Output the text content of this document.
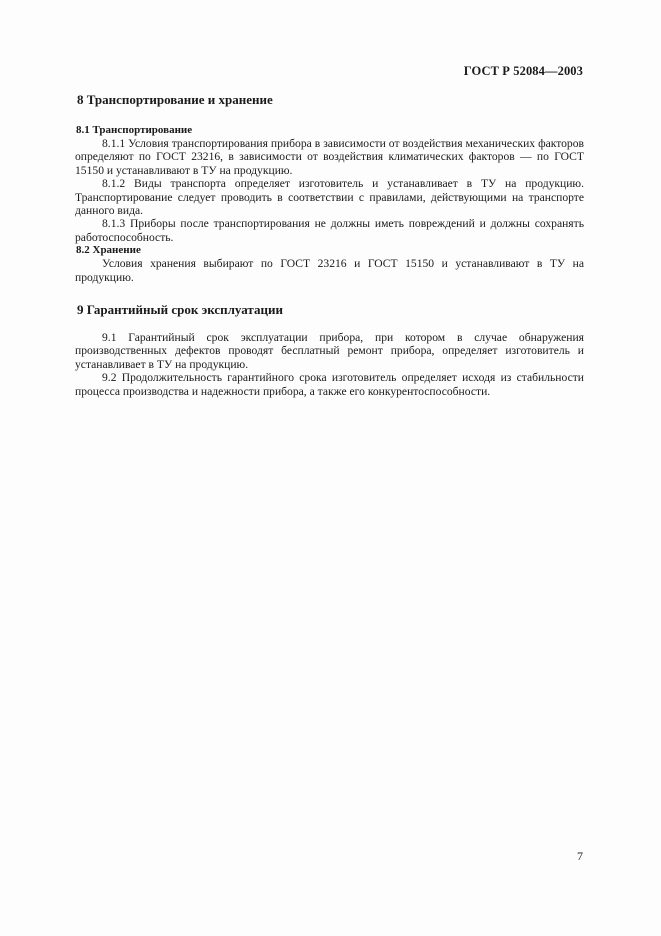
ГОСТ Р 52084—2003
8 Транспортирование и хранение
8.1 Транспортирование

8.1.1 Условия транспортирования прибора в зависимости от воздействия механических факторов определяют по ГОСТ 23216, в зависимости от воздействия климатических факторов — по ГОСТ 15150 и устанавливают в ТУ на продукцию.

8.1.2 Виды транспорта определяет изготовитель и устанавливает в ТУ на продукцию. Транспортирование следует проводить в соответствии с правилами, действующими на транспорте данного вида.

8.1.3 Приборы после транспортирования не должны иметь повреждений и должны сохранять работоспособность.

8.2 Хранение

Условия хранения выбирают по ГОСТ 23216 и ГОСТ 15150 и устанавливают в ТУ на продукцию.

9 Гарантийный срок эксплуатации

9.1 Гарантийный срок эксплуатации прибора, при котором в случае обнаружения производственных дефектов проводят бесплатный ремонт прибора, определяет изготовитель и устанавливает в ТУ на продукцию.

9.2 Продолжительность гарантийного срока изготовитель определяет исходя из стабильности процесса производства и надежности прибора, а также его конкурентоспособности.

7
